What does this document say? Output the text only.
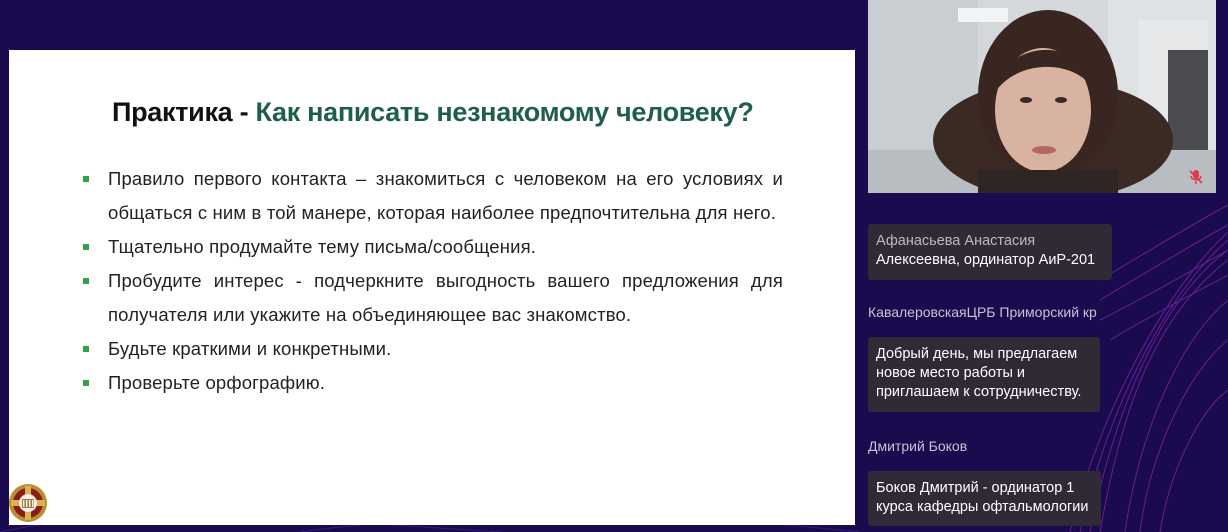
Практика - Как написать незнакомому человеку?
Правило первого контакта – знакомиться с человеком на его условиях и общаться с ним в той манере, которая наиболее предпочтительна для него.
Тщательно продумайте тему письма/сообщения.
Пробудите интерес - подчеркните выгодность вашего предложения для получателя или укажите на объединяющее вас знакомство.
Будьте краткими и конкретными.
Проверьте орфографию.
Афанасьева Анастасия
Алексеевна, ординатор АиР-201
КавалеровскаяЦРБ Приморский кр
Добрый день, мы предлагаем новое место работы и приглашаем к сотрудничеству.
Дмитрий Боков
Боков Дмитрий - ординатор 1 курса кафедры офтальмологии
